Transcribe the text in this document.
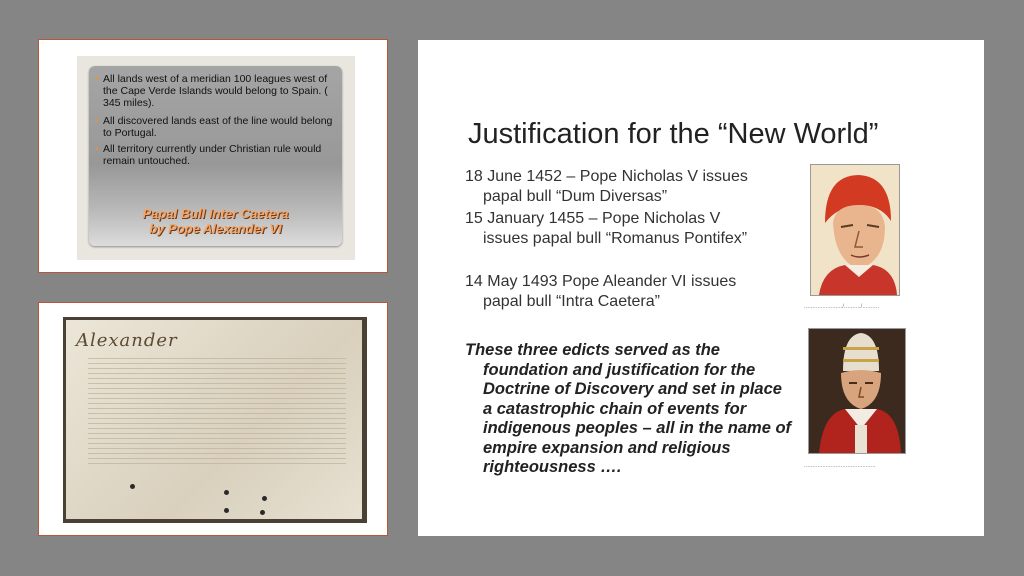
• All lands west of a meridian 100 leagues west of the Cape Verde Islands would belong to Spain. ( 345 miles).
• All discovered lands east of the line would belong to Portugal.
• All territory currently under Christian rule would remain untouched.
Papal Bull Inter Caetera
by Pope Alexander VI
Alexander
Justification for the “New World”
18 June 1452 – Pope Nicholas V issues
papal bull “Dum Diversas”
15 January 1455 – Pope Nicholas V
issues papal bull “Romanus Pontifex”
14 May 1493 Pope Aleander VI issues
papal bull “Intra Caetera”
These three edicts served as the
foundation and justification for the Doctrine of Discovery and set in place a catastrophic chain of events for indigenous peoples – all in the name of empire expansion and religious righteousness ….
......................./........../..........
...........................................
